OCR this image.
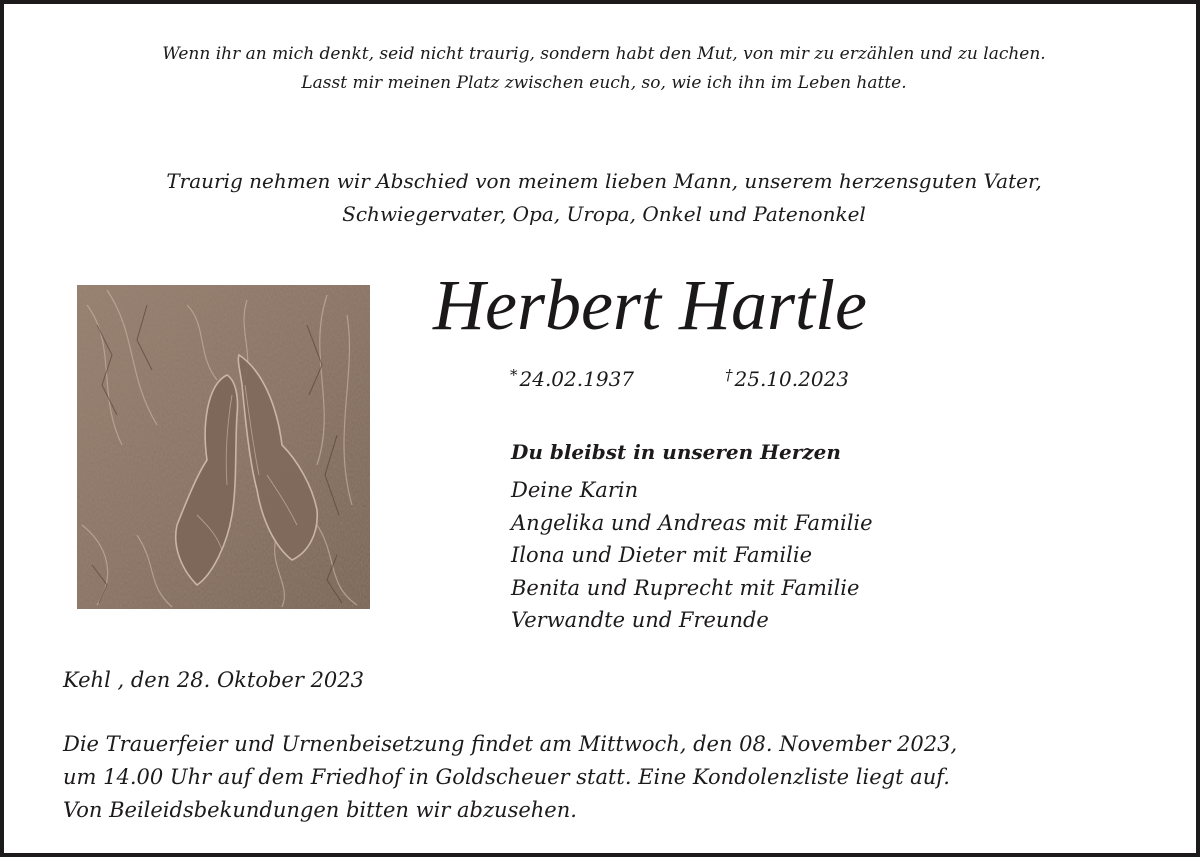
Wenn ihr an mich denkt, seid nicht traurig, sondern habt den Mut, von mir zu erzählen und zu lachen.
Lasst mir meinen Platz zwischen euch, so, wie ich ihn im Leben hatte.
Traurig nehmen wir Abschied von meinem lieben Mann, unserem herzensguten Vater,
Schwiegervater, Opa, Uropa, Onkel und Patenonkel
Herbert Hartle
* 24.02.1937	† 25.10.2023
Du bleibst in unseren Herzen
Deine Karin
Angelika und Andreas mit Familie
Ilona und Dieter mit Familie
Benita und Ruprecht mit Familie
Verwandte und Freunde
Kehl , den 28. Oktober 2023
Die Trauerfeier und Urnenbeisetzung findet am Mittwoch, den 08. November 2023,
um 14.00 Uhr auf dem Friedhof in Goldscheuer statt. Eine Kondolenzliste liegt auf.
Von Beileidsbekundungen bitten wir abzusehen.
